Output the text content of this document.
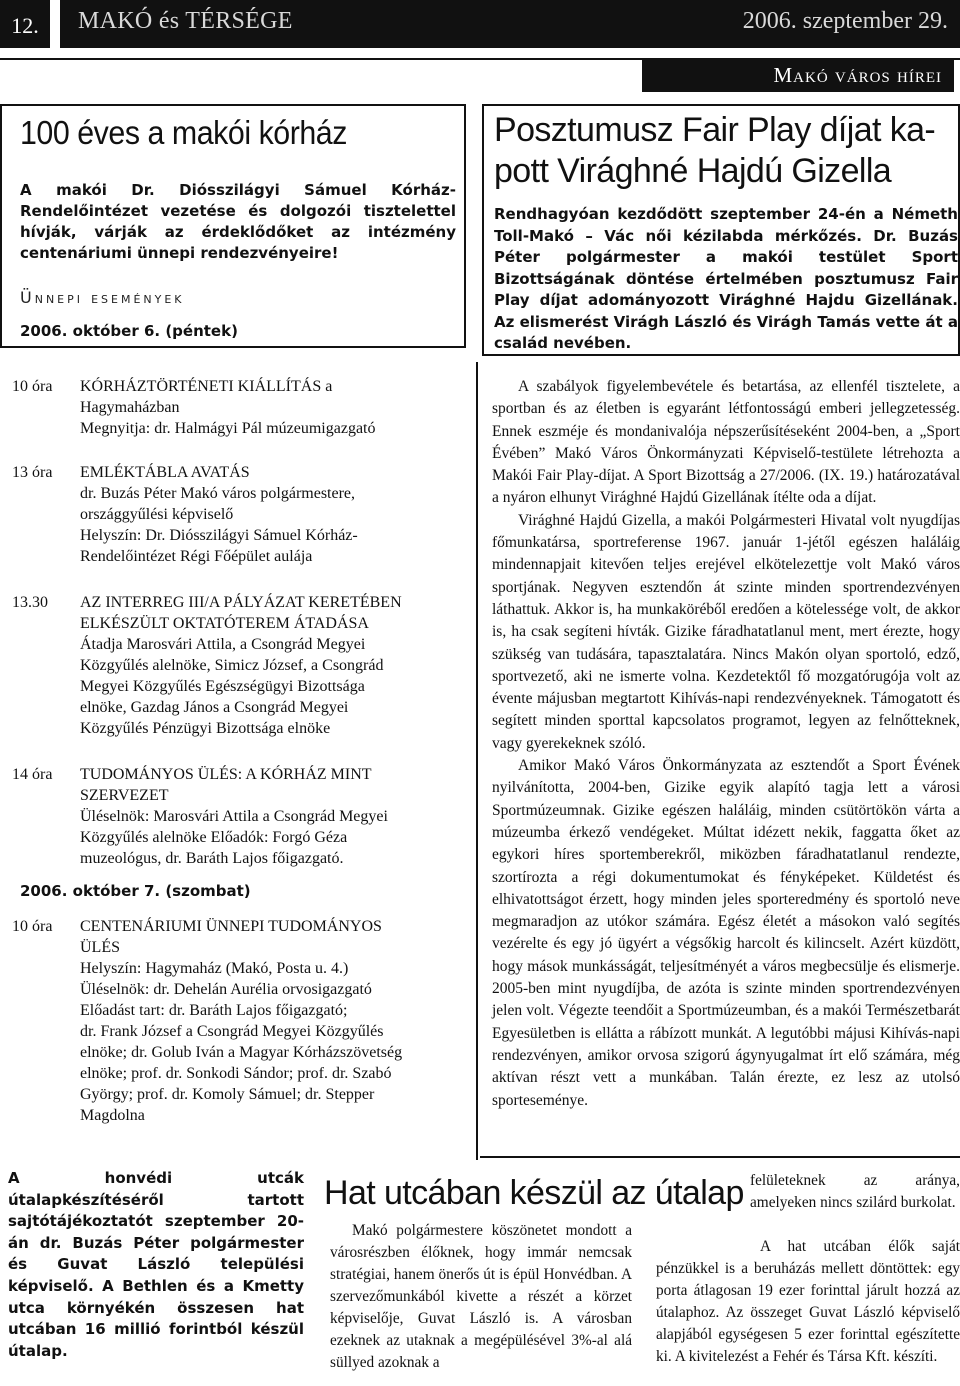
12.	MAKÓ és TÉRSÉGE	2006. szeptember 29.
Makó város hírei
100 éves a makói kórház
A makói Dr. Diósszilágyi Sámuel Kórház-Rendelőintézet vezetése és dolgozói tisztelettel hívják, várják az érdeklődőket az intézmény centenáriumi ünnepi rendezvényeire!
Ünnepi események
2006. október 6. (péntek)
Posztumusz Fair Play díjat ka-pott Virághné Hajdú Gizella
Rendhagyóan kezdődött szeptember 24-én a Németh Toll-Makó – Vác női kézilabda mérkőzés. Dr. Buzás Péter polgármester a makói testület Sport Bizottságának döntése értelmében posztumusz Fair Play díjat adományozott Virághné Hajdu Gizellának. Az elismerést Virágh László és Virágh Tamás vette át a család nevében.
10 óra	KÓRHÁZTÖRTÉNETI KIÁLLÍTÁS a
Hagymaházban
Megnyitja: dr. Halmágyi Pál múzeumigazgató
13 óra	EMLÉKTÁBLA AVATÁS
dr. Buzás Péter Makó város polgármestere,
országgyűlési képviselő
Helyszín: Dr. Diósszilágyi Sámuel Kórház-
Rendelőintézet Régi Főépület aulája
13.30	AZ INTERREG III/A PÁLYÁZAT KERETÉBEN
ELKÉSZÜLT OKTATÓTEREM ÁTADÁSA
Átadja Marosvári Attila, a Csongrád Megyei
Közgyűlés alelnöke, Simicz József, a Csongrád
Megyei Közgyűlés Egészségügyi Bizottsága
elnöke, Gazdag János a Csongrád Megyei
Közgyűlés Pénzügyi Bizottsága elnöke
14 óra	TUDOMÁNYOS ÜLÉS: A KÓRHÁZ MINT
SZERVEZET
Üléselnök: Marosvári Attila a Csongrád Megyei
Közgyűlés alelnöke Előadók: Forgó Géza
muzeológus, dr. Baráth Lajos főigazgató.
2006. október 7. (szombat)
10 óra	CENTENÁRIUMI ÜNNEPI TUDOMÁNYOS
ÜLÉS
Helyszín: Hagymaház (Makó, Posta u. 4.)
Üléselnök: dr. Dehelán Aurélia orvosigazgató
Előadást tart: dr. Baráth Lajos főigazgató;
dr. Frank József a Csongrád Megyei Közgyűlés
elnöke; dr. Golub Iván a Magyar Kórházszövetség
elnöke; prof. dr. Sonkodi Sándor; prof. dr. Szabó
György; prof. dr. Komoly Sámuel; dr. Stepper
Magdolna

A szabályok figyelembevétele és betartása, az ellenfél tisztelete, a sportban és az életben is egyaránt létfontosságú emberi jellegzetesség. Ennek eszméje és mondanivalója népszerűsítéseként 2004-ben, a „Sport Évében” Makó Város Önkormányzati Képviselő-testülete létrehozta a Makói Fair Play-díjat. A Sport Bizottság a 27/2006. (IX. 19.) határozatával a nyáron elhunyt Virághné Hajdú Gizellának ítélte oda a díjat.

Virághné Hajdú Gizella, a makói Polgármesteri Hivatal volt nyugdíjas főmunkatársa, sportreferense 1967. január 1-jétől egészen haláláig mindennapjait kitevően teljes erejével elkötelezettje volt Makó város sportjának. Negyven esztendőn át szinte minden sportrendezvényen láthattuk. Akkor is, ha munkaköréből eredően a kötelessége volt, de akkor is, ha csak segíteni hívták. Gizike fáradhatatlanul ment, mert érezte, hogy szükség van tudására, tapasztalatára. Nincs Makón olyan sportoló, edző, sportvezető, aki ne ismerte volna. Kezdetektől fő mozgatórugója volt az évente májusban megtartott Kihívás-napi rendezvényeknek. Támogatott és segített minden sporttal kapcsolatos programot, legyen az felnőtteknek, vagy gyerekeknek szóló.

Amikor Makó Város Önkormányzata az esztendőt a Sport Évének nyilvánította, 2004-ben, Gizike egyik alapító tagja lett a városi Sportmúzeumnak. Gizike egészen haláláig, minden csütörtökön várta a múzeumba érkező vendégeket. Múltat idézett nekik, faggatta őket az egykori híres sportemberekről, miközben fáradhatatlanul rendezte, szortírozta a régi dokumentumokat és fényképeket. Küldetést és elhivatottságot érzett, hogy minden jeles sporteredmény és sportoló neve megmaradjon az utókor számára. Egész életét a másokon való segítés vezérelte és egy jó ügyért a végsőkig harcolt és kilincselt. Azért küzdött, hogy mások munkásságát, teljesítményét a város megbecsülje és elismerje. 2005-ben mint nyugdíjba, de azóta is szinte minden sportrendezvényen jelen volt. Végezte teendőit a Sportmúzeumban, és a makói Természetbarát Egyesületben is ellátta a rábízott munkát. A legutóbbi májusi Kihívás-napi rendezvényen, amikor orvosa szigorú ágynyugalmat írt elő számára, még aktívan részt vett a munkában. Talán érezte, ez lesz az utolsó sporteseménye.

A honvédi utcák útalapkészítéséről tartott sajtótájékoztatót szeptember 20-án dr. Buzás Péter polgármester és Guvat László települési képviselő. A Bethlen és a Kmetty utca környékén összesen hat utcában 16 millió forintból készül útalap.
Hat utcában készül az útalap

Makó polgármestere köszönetet mondott a városrészben élőknek, hogy immár nemcsak stratégiai, hanem önerős út is épül Honvédban. A szervezőmunkából kivette a részét a körzet képviselője, Guvat László is. A városban ezeknek az utaknak a megépülésével 3%-al alá süllyed azoknak a

felületeknek az aránya, amelyeken nincs szilárd burkolat.

A hat utcában élők saját pénzükkel is a beruházás mellett döntöttek: egy porta átlagosan 19 ezer forinttal járult hozzá az útalaphoz. Az összeget Guvat László képviselő alapjából egységesen 5 ezer forinttal egészítette ki. A kivitelezést a Fehér és Társa Kft. készíti.
